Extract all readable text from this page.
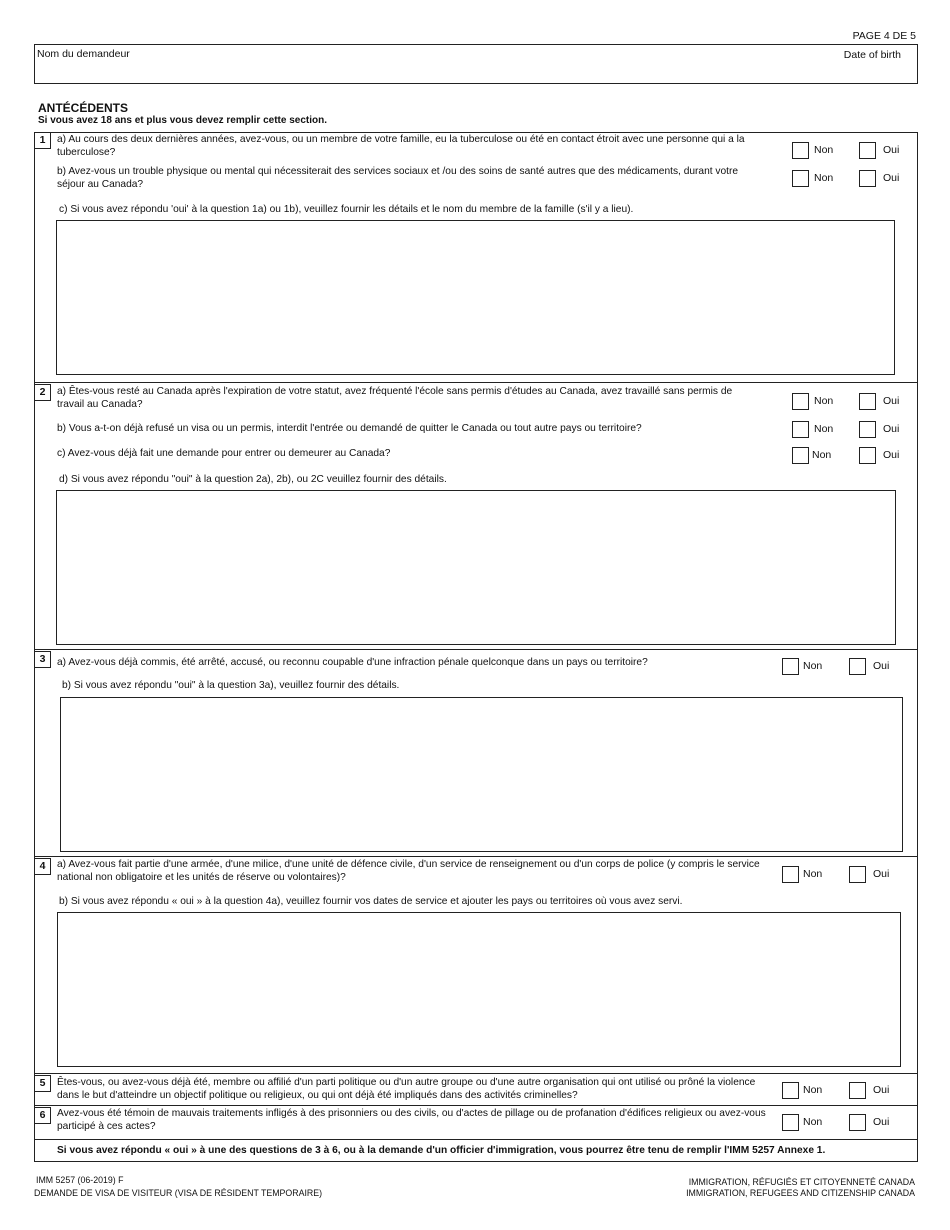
PAGE 4 DE 5
Nom du demandeur	Date of birth
ANTÉCÉDENTS
Si vous avez 18 ans et plus vous devez remplir cette section.
1	a) Au cours des deux dernières années, avez-vous, ou un membre de votre famille, eu la tuberculose ou été en contact étroit avec une personne qui a la tuberculose?	Non	Oui
b) Avez-vous un trouble physique ou mental qui nécessiterait des services sociaux et /ou des soins de santé autres que des médicaments, durant votre séjour au Canada?	Non	Oui
c) Si vous avez répondu 'oui' à la question 1a) ou 1b), veuillez fournir les détails et le nom du membre de la famille (s'il y a lieu).
2	a) Êtes-vous resté au Canada après l'expiration de votre statut, avez fréquenté l'école sans permis d'études au Canada, avez travaillé sans permis de travail au Canada?	Non	Oui
b) Vous a-t-on déjà refusé un visa ou un permis, interdit l'entrée ou demandé de quitter le Canada ou tout autre pays ou territoire?	Non	Oui
c) Avez-vous déjà fait une demande pour entrer ou demeurer au Canada?	Non	Oui
d) Si vous avez répondu "oui" à la question 2a), 2b), ou 2C veuillez fournir des détails.
3	a) Avez-vous déjà commis, été arrêté, accusé, ou reconnu coupable d'une infraction pénale quelconque dans un pays ou territoire?	Non	Oui
b) Si vous avez répondu "oui" à la question 3a), veuillez fournir des détails.
4	a) Avez-vous fait partie d'une armée, d'une milice, d'une unité de défence civile, d'un service de renseignement ou d'un corps de police (y compris le service national non obligatoire et les unités de réserve ou volontaires)?	Non	Oui
b) Si vous avez répondu « oui » à la question 4a), veuillez fournir vos dates de service et ajouter les pays ou territoires où vous avez servi.
5	Êtes-vous, ou avez-vous déjà été, membre ou affilié d'un parti politique ou d'un autre groupe ou d'une autre organisation qui ont utilisé ou prôné la violence dans le but d'atteindre un objectif politique ou religieux, ou qui ont déjà été impliqués dans des activités criminelles?	Non	Oui
6	Avez-vous été témoin de mauvais traitements infligés à des prisonniers ou des civils, ou d'actes de pillage ou de profanation d'édifices religieux ou avez-vous participé à ces actes?	Non	Oui
Si vous avez répondu « oui » à une des questions de 3 à 6, ou à la demande d'un officier d'immigration, vous pourrez être tenu de remplir l'IMM 5257 Annexe 1.
IMM 5257 (06-2019) F
DEMANDE DE VISA DE VISITEUR (VISA DE RÉSIDENT TEMPORAIRE)
IMMIGRATION, RÉFUGIÉS ET CITOYENNETÉ CANADA
IMMIGRATION, REFUGEES AND CITIZENSHIP CANADA
